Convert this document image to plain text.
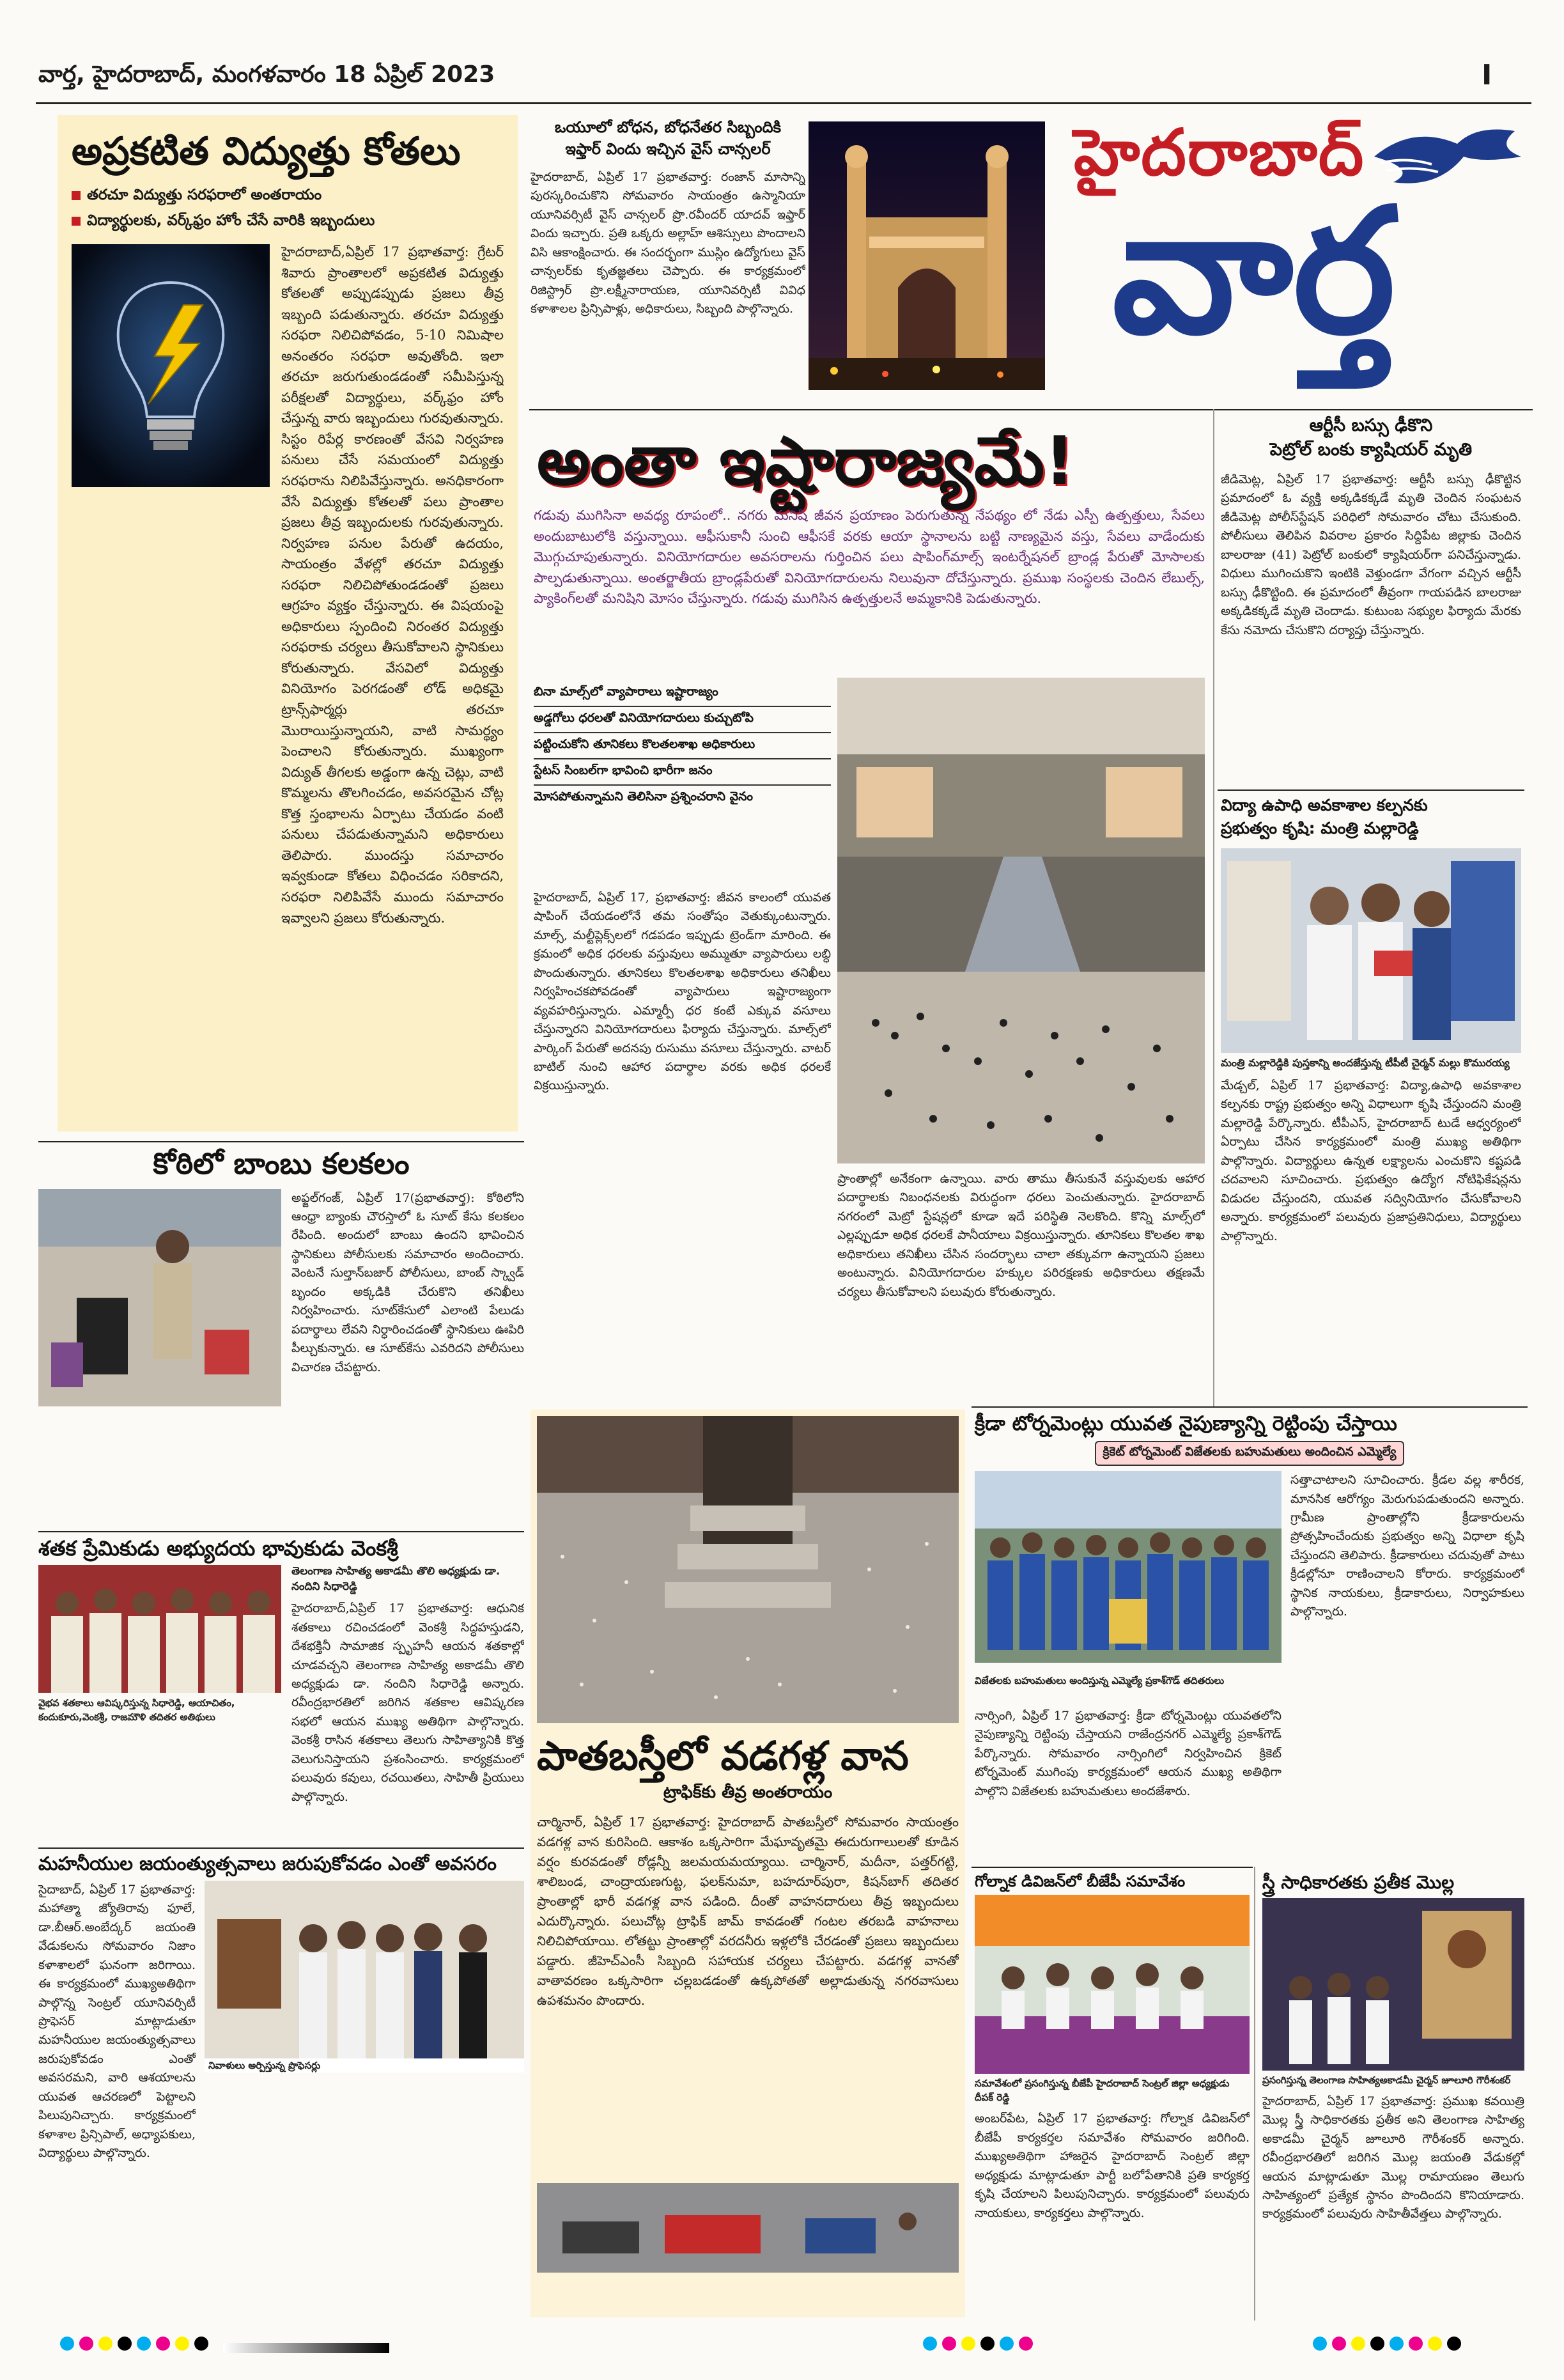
వార్త, హైదరాబాద్, మంగళవారం 18 ఏప్రిల్ 2023	I
అప్రకటిత విద్యుత్తు కోతలు
తరచూ విద్యుత్తు సరఫరాలో అంతరాయం
విద్యార్థులకు, వర్క్‌ఫ్రం హోం చేసే వారికి ఇబ్బందులు
హైదరాబాద్,ఏప్రిల్ 17 ప్రభాతవార్త: గ్రేటర్ శివారు ప్రాంతాలలో అప్రకటిత విద్యుత్తు కోతలతో అప్పుడప్పుడు ప్రజలు తీవ్ర ఇబ్బంది పడుతున్నారు. తరచూ విద్యుత్తు సరఫరా నిలిచిపోవడం, 5-10 నిమిషాల అనంతరం సరఫరా అవుతోంది. ఇలా తరచూ జరుగుతుండడంతో సమీపిస్తున్న పరీక్షలతో విద్యార్థులు, వర్క్‌ఫ్రం హోం చేస్తున్న వారు ఇబ్బందులు గురవుతున్నారు. సిస్టం రిపేర్ల కారణంతో వేసవి నిర్వహణ పనులు చేసే సమయంలో విద్యుత్తు సరఫరాను నిలిపివేస్తున్నారు. అనధికారంగా వేసే విద్యుత్తు కోతలతో పలు ప్రాంతాల ప్రజలు తీవ్ర ఇబ్బందులకు గురవుతున్నారు. నిర్వహణ పనుల పేరుతో ఉదయం, సాయంత్రం వేళల్లో తరచూ విద్యుత్తు సరఫరా నిలిచిపోతుండడంతో ప్రజలు ఆగ్రహం వ్యక్తం చేస్తున్నారు. ఈ విషయంపై అధికారులు స్పందించి నిరంతర విద్యుత్తు సరఫరాకు చర్యలు తీసుకోవాలని స్థానికులు కోరుతున్నారు. వేసవిలో విద్యుత్తు వినియోగం పెరగడంతో లోడ్ అధికమై ట్రాన్స్‌ఫార్మర్లు తరచూ మొరాయిస్తున్నాయని, వాటి సామర్థ్యం పెంచాలని కోరుతున్నారు. ముఖ్యంగా విద్యుత్ తీగలకు అడ్డంగా ఉన్న చెట్లు, వాటి కొమ్మలను తొలగించడం, అవసరమైన చోట్ల కొత్త స్తంభాలను ఏర్పాటు చేయడం వంటి పనులు చేపడుతున్నామని అధికారులు తెలిపారు. ముందస్తు సమాచారం ఇవ్వకుండా కోతలు విధించడం సరికాదని, సరఫరా నిలిపివేసే ముందు సమాచారం ఇవ్వాలని ప్రజలు కోరుతున్నారు.
ఒయూలో బోధన, బోధనేతర సిబ్బందికి
ఇఫ్తార్ విందు ఇచ్చిన వైస్ చాన్సలర్
హైదరాబాద్, ఏప్రిల్ 17 ప్రభాతవార్త: రంజాన్ మాసాన్ని పురస్కరించుకొని సోమవారం సాయంత్రం ఉస్మానియా యూనివర్సిటీ వైస్ చాన్సలర్ ప్రొ.రవీందర్ యాదవ్ ఇఫ్తార్ విందు ఇచ్చారు. ప్రతి ఒక్కరు అల్లాహ్ ఆశిస్సులు పొందాలని విసి ఆకాంక్షించారు. ఈ సందర్భంగా ముస్లిం ఉద్యోగులు వైస్ చాన్సలర్‌కు కృతజ్ఞతలు చెప్పారు. ఈ కార్యక్రమంలో రిజిస్ట్రార్ ప్రొ.లక్ష్మీనారాయణ, యూనివర్సిటీ వివిధ కళాశాలల ప్రిన్సిపాళ్లు, అధికారులు, సిబ్బంది పాల్గొన్నారు.
హైదరాబాద్
వార్త
అంతా ఇష్టారాజ్యమే!
గడువు ముగిసినా అవధ్య రూపంలో.. నగరు మనిషి జీవన ప్రయాణం పెరుగుతున్న నేపథ్యం లో నేడు ఎస్పీ ఉత్పత్తులు, సేవలు అందుబాటులోకి వస్తున్నాయి. ఆఫీసుకానీ సుంచి ఆఫీసకే వరకు ఆయా స్థానాలను బట్టి నాణ్యమైన వస్తు, సేవలు వాడేందుకు మొగ్గుచూపుతున్నారు. వినియోగదారుల అవసరాలను గుర్తించిన పలు షాపింగ్‌మాల్స్ ఇంటర్నేషనల్ బ్రాండ్ల పేరుతో మోసాలకు పాల్పడుతున్నాయి. అంతర్జాతీయ బ్రాండ్లపేరుతో వినియోగదారులను నిలువునా దోచేస్తున్నారు. ప్రముఖ సంస్థలకు చెందిన లేబుల్స్, ప్యాకింగ్‌లతో మనిషిని మోసం చేస్తున్నారు. గడువు ముగిసిన ఉత్పత్తులనే అమ్మకానికి పెడుతున్నారు.
బినా మాల్స్‌లో వ్యాపారాలు ఇష్టారాజ్యం
అడ్డగోలు ధరలతో వినియోగదారులు కుచ్చుటోపి
పట్టించుకోని తూనికలు కొలతలశాఖ అధికారులు
స్టేటస్ సింబల్‌గా భావించి భారీగా జనం
మోసపోతున్నామని తెలిసినా ప్రశ్నించరాని వైనం
హైదరాబాద్, ఏప్రిల్ 17, ప్రభాతవార్త: జీవన కాలంలో యువత షాపింగ్ చేయడంలోనే తమ సంతోషం వెతుక్కుంటున్నారు. మాల్స్, మల్టీప్లెక్స్‌లలో గడపడం ఇప్పుడు ట్రెండ్‌గా మారింది. ఈ క్రమంలో అధిక ధరలకు వస్తువులు అమ్ముతూ వ్యాపారులు లబ్ధి పొందుతున్నారు. తూనికలు కొలతలశాఖ అధికారులు తనిఖీలు నిర్వహించకపోవడంతో వ్యాపారులు ఇష్టారాజ్యంగా వ్యవహరిస్తున్నారు. ఎమ్మార్పీ ధర కంటే ఎక్కువ వసూలు చేస్తున్నారని వినియోగదారులు ఫిర్యాదు చేస్తున్నారు. మాల్స్‌లో పార్కింగ్ పేరుతో అదనపు రుసుము వసూలు చేస్తున్నారు. వాటర్ బాటిల్ నుంచి ఆహార పదార్థాల వరకు అధిక ధరలకే విక్రయిస్తున్నారు.
ప్రాంతాల్లో అనేకంగా ఉన్నాయి. వారు తాము తీసుకునే వస్తువులకు ఆహార పదార్థాలకు నిబంధనలకు విరుద్ధంగా ధరలు పెంచుతున్నారు. హైదరాబాద్ నగరంలో మెట్రో స్టేషన్లలో కూడా ఇదే పరిస్థితి నెలకొంది. కొన్ని మాల్స్‌లో ఎల్లప్పుడూ అధిక ధరలకే పానీయాలు విక్రయిస్తున్నారు. తూనికలు కొలతల శాఖ అధికారులు తనిఖీలు చేసిన సందర్భాలు చాలా తక్కువగా ఉన్నాయని ప్రజలు అంటున్నారు. వినియోగదారుల హక్కుల పరిరక్షణకు అధికారులు తక్షణమే చర్యలు తీసుకోవాలని పలువురు కోరుతున్నారు.
ఆర్టీసీ బస్సు ఢీకొని
పెట్రోల్ బంకు క్యాషియర్ మృతి
జీడిమెట్ల, ఏప్రిల్ 17 ప్రభాతవార్త: ఆర్టీసీ బస్సు ఢీకొట్టిన ప్రమాదంలో ఓ వ్యక్తి అక్కడికక్కడే మృతి చెందిన సంఘటన జీడిమెట్ల పోలీస్‌స్టేషన్ పరిధిలో సోమవారం చోటు చేసుకుంది. పోలీసులు తెలిపిన వివరాల ప్రకారం సిద్దిపేట జిల్లాకు చెందిన బాలరాజు (41) పెట్రోల్ బంకులో క్యాషియర్‌గా పనిచేస్తున్నాడు. విధులు ముగించుకొని ఇంటికి వెళ్తుండగా వేగంగా వచ్చిన ఆర్టీసీ బస్సు ఢీకొట్టింది. ఈ ప్రమాదంలో తీవ్రంగా గాయపడిన బాలరాజు అక్కడికక్కడే మృతి చెందాడు. కుటుంబ సభ్యుల ఫిర్యాదు మేరకు కేసు నమోదు చేసుకొని దర్యాప్తు చేస్తున్నారు.
విద్యా ఉపాధి అవకాశాల కల్పనకు
ప్రభుత్వం కృషి: మంత్రి మల్లారెడ్డి
మంత్రి మల్లారెడ్డికి పుస్తకాన్ని అందజేస్తున్న టీపీటీ చైర్మన్ మల్లు కొమురయ్య
మేడ్చల్, ఏప్రిల్ 17 ప్రభాతవార్త: విద్యా,ఉపాధి అవకాశాల కల్పనకు రాష్ట్ర ప్రభుత్వం అన్ని విధాలుగా కృషి చేస్తుందని మంత్రి మల్లారెడ్డి పేర్కొన్నారు. టీపీఎస్, హైదరాబాద్ టుడే ఆధ్వర్యంలో ఏర్పాటు చేసిన కార్యక్రమంలో మంత్రి ముఖ్య అతిథిగా పాల్గొన్నారు. విద్యార్థులు ఉన్నత లక్ష్యాలను ఎంచుకొని కష్టపడి చదవాలని సూచించారు. ప్రభుత్వం ఉద్యోగ నోటిఫికేషన్లను విడుదల చేస్తుందని, యువత సద్వినియోగం చేసుకోవాలని అన్నారు. కార్యక్రమంలో పలువురు ప్రజాప్రతినిధులు, విద్యార్థులు పాల్గొన్నారు.
కోఠిలో బాంబు కలకలం
అఫ్జల్‌గంజ్, ఏప్రిల్ 17(ప్రభాతవార్త): కోఠిలోని ఆంధ్రా బ్యాంకు చౌరస్తాలో ఓ సూట్ కేసు కలకలం రేపింది. అందులో బాంబు ఉందని భావించిన స్థానికులు పోలీసులకు సమాచారం అందించారు. వెంటనే సుల్తాన్‌బజార్ పోలీసులు, బాంబ్ స్క్వాడ్ బృందం అక్కడికి చేరుకొని తనిఖీలు నిర్వహించారు. సూట్‌కేసులో ఎలాంటి పేలుడు పదార్థాలు లేవని నిర్ధారించడంతో స్థానికులు ఊపిరి పీల్చుకున్నారు. ఆ సూట్‌కేసు ఎవరిదని పోలీసులు విచారణ చేపట్టారు.
శతక ప్రేమికుడు అభ్యుదయ భావుకుడు వెంకశ్రీ
తెలంగాణ సాహిత్య అకాడమీ తొలి అధ్యక్షుడు డా. నందిని సిధారెడ్డి
హైదరాబాద్,ఏప్రిల్ 17 ప్రభాతవార్త: ఆధునిక శతకాలు రచించడంలో వెంకశ్రీ సిద్ధహస్తుడని, దేశభక్తినీ సామాజిక స్పృహనీ ఆయన శతకాల్లో చూడవచ్చని తెలంగాణ సాహిత్య అకాడమీ తొలి అధ్యక్షుడు డా. నందిని సిధారెడ్డి అన్నారు. రవీంద్రభారతిలో జరిగిన శతకాల ఆవిష్కరణ సభలో ఆయన ముఖ్య అతిథిగా పాల్గొన్నారు. వెంకశ్రీ రాసిన శతకాలు తెలుగు సాహిత్యానికి కొత్త వెలుగునిస్తాయని ప్రశంసించారు. కార్యక్రమంలో పలువురు కవులు, రచయితలు, సాహితీ ప్రియులు పాల్గొన్నారు.
వైభవ శతకాలు ఆవిష్కరిస్తున్న సిధారెడ్డి, ఆయాచితం, కందుకూరు,వెంకశ్రీ, రాజమౌళి తదితర అతిథులు
మహనీయుల జయంత్యుత్సవాలు జరుపుకోవడం ఎంతో అవసరం
నివాళులు అర్పిస్తున్న ప్రొఫెసర్లు
సైదాబాద్, ఏప్రిల్ 17 ప్రభాతవార్త: మహాత్మా జ్యోతిరావు ఫూలే, డా.బీఆర్.అంబేద్కర్ జయంతి వేడుకలను సోమవారం నిజాం కళాశాలలో ఘనంగా జరిగాయి. ఈ కార్యక్రమంలో ముఖ్యఅతిథిగా పాల్గొన్న సెంట్రల్ యూనివర్సిటీ ప్రొఫెసర్ మాట్లాడుతూ మహనీయుల జయంత్యుత్సవాలు జరుపుకోవడం ఎంతో అవసరమని, వారి ఆశయాలను యువత ఆచరణలో పెట్టాలని పిలుపునిచ్చారు. కార్యక్రమంలో కళాశాల ప్రిన్సిపాల్, అధ్యాపకులు, విద్యార్థులు పాల్గొన్నారు.
పాతబస్తీలో వడగళ్ల వాన
ట్రాఫిక్‌కు తీవ్ర అంతరాయం
చార్మినార్, ఏప్రిల్ 17 ప్రభాతవార్త: హైదరాబాద్ పాతబస్తీలో సోమవారం సాయంత్రం వడగళ్ల వాన కురిసింది. ఆకాశం ఒక్కసారిగా మేఘావృతమై ఈదురుగాలులతో కూడిన వర్షం కురవడంతో రోడ్లన్నీ జలమయమయ్యాయి. చార్మినార్, మదీనా, పత్తర్‌గట్టి, శాలిబండ, చాంద్రాయణగుట్ట, ఫలక్‌నుమా, బహదూర్‌పురా, కిషన్‌బాగ్ తదితర ప్రాంతాల్లో భారీ వడగళ్ల వాన పడింది. దీంతో వాహనదారులు తీవ్ర ఇబ్బందులు ఎదుర్కొన్నారు. పలుచోట్ల ట్రాఫిక్ జామ్ కావడంతో గంటల తరబడి వాహనాలు నిలిచిపోయాయి. లోతట్టు ప్రాంతాల్లో వరదనీరు ఇళ్లలోకి చేరడంతో ప్రజలు ఇబ్బందులు పడ్డారు. జీహెచ్‌ఎంసీ సిబ్బంది సహాయక చర్యలు చేపట్టారు. వడగళ్ల వానతో వాతావరణం ఒక్కసారిగా చల్లబడడంతో ఉక్కపోతతో అల్లాడుతున్న నగరవాసులు ఉపశమనం పొందారు.
క్రీడా టోర్నమెంట్లు యువత నైపుణ్యాన్ని రెట్టింపు చేస్తాయి
క్రికెట్ టోర్నమెంట్ విజేతలకు బహుమతులు అందించిన ఎమ్మెల్యే
సత్తాచాటాలని సూచించారు. క్రీడల వల్ల శారీరక, మానసిక ఆరోగ్యం మెరుగుపడుతుందని అన్నారు. గ్రామీణ ప్రాంతాల్లోని క్రీడాకారులను ప్రోత్సహించేందుకు ప్రభుత్వం అన్ని విధాలా కృషి చేస్తుందని తెలిపారు. క్రీడాకారులు చదువుతో పాటు క్రీడల్లోనూ రాణించాలని కోరారు. కార్యక్రమంలో స్థానిక నాయకులు, క్రీడాకారులు, నిర్వాహకులు పాల్గొన్నారు.
విజేతలకు బహుమతులు అందిస్తున్న ఎమ్మెల్యే ప్రకాశ్‌గౌడ్ తదితరులు
నార్సింగి, ఏప్రిల్ 17 ప్రభాతవార్త: క్రీడా టోర్నమెంట్లు యువతలోని నైపుణ్యాన్ని రెట్టింపు చేస్తాయని రాజేంద్రనగర్ ఎమ్మెల్యే ప్రకాశ్‌గౌడ్ పేర్కొన్నారు. సోమవారం నార్సింగిలో నిర్వహించిన క్రికెట్ టోర్నమెంట్ ముగింపు కార్యక్రమంలో ఆయన ముఖ్య అతిథిగా పాల్గొని విజేతలకు బహుమతులు అందజేశారు.
గోల్నాక డివిజన్‌లో బీజేపీ సమావేశం
సమావేశంలో ప్రసంగిస్తున్న బీజేపీ హైదరాబాద్ సెంట్రల్ జిల్లా అధ్యక్షుడు దీపక్ రెడ్డి
అంబర్‌పేట, ఏప్రిల్ 17 ప్రభాతవార్త: గోల్నాక డివిజన్‌లో బీజేపీ కార్యకర్తల సమావేశం సోమవారం జరిగింది. ముఖ్యఅతిథిగా హాజరైన హైదరాబాద్ సెంట్రల్ జిల్లా అధ్యక్షుడు మాట్లాడుతూ పార్టీ బలోపేతానికి ప్రతి కార్యకర్త కృషి చేయాలని పిలుపునిచ్చారు. కార్యక్రమంలో పలువురు నాయకులు, కార్యకర్తలు పాల్గొన్నారు.
స్త్రీ సాధికారతకు ప్రతీక మొల్ల
ప్రసంగిస్తున్న తెలంగాణ సాహిత్యఅకాడమీ చైర్మన్ జూలూరి గౌరీశంకర్
హైదరాబాద్, ఏప్రిల్ 17 ప్రభాతవార్త: ప్రముఖ కవయిత్రి మొల్ల స్త్రీ సాధికారతకు ప్రతీక అని తెలంగాణ సాహిత్య అకాడమీ చైర్మన్ జూలూరి గౌరీశంకర్ అన్నారు. రవీంద్రభారతిలో జరిగిన మొల్ల జయంతి వేడుకల్లో ఆయన మాట్లాడుతూ మొల్ల రామాయణం తెలుగు సాహిత్యంలో ప్రత్యేక స్థానం పొందిందని కొనియాడారు. కార్యక్రమంలో పలువురు సాహితీవేత్తలు పాల్గొన్నారు.
